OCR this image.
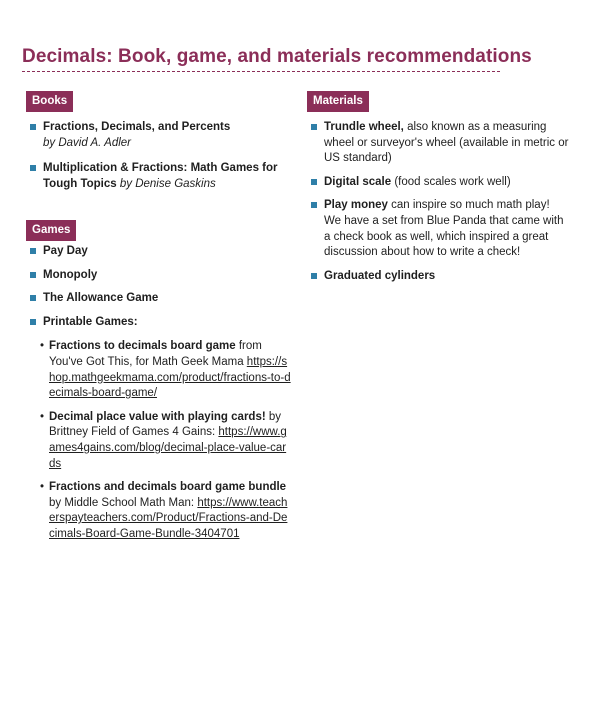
Decimals: Book, game, and materials recommendations
Books
Fractions, Decimals, and Percents
by David A. Adler
Multiplication & Fractions: Math Games for Tough Topics by Denise Gaskins
Games
Pay Day
Monopoly
The Allowance Game
Printable Games:
• Fractions to decimals board game from You've Got This, for Math Geek Mama https://shop.mathgeekmama.com/product/fractions-to-decimals-board-game/
• Decimal place value with playing cards! by Brittney Field of Games 4 Gains: https://www.games4gains.com/blog/decimal-place-value-cards
• Fractions and decimals board game bundle by Middle School Math Man: https://www.teacherspayteachers.com/Product/Fractions-and-Decimals-Board-Game-Bundle-3404701
Materials
Trundle wheel, also known as a measuring wheel or surveyor's wheel (available in metric or US standard)
Digital scale (food scales work well)
Play money can inspire so much math play! We have a set from Blue Panda that came with a check book as well, which inspired a great discussion about how to write a check!
Graduated cylinders
